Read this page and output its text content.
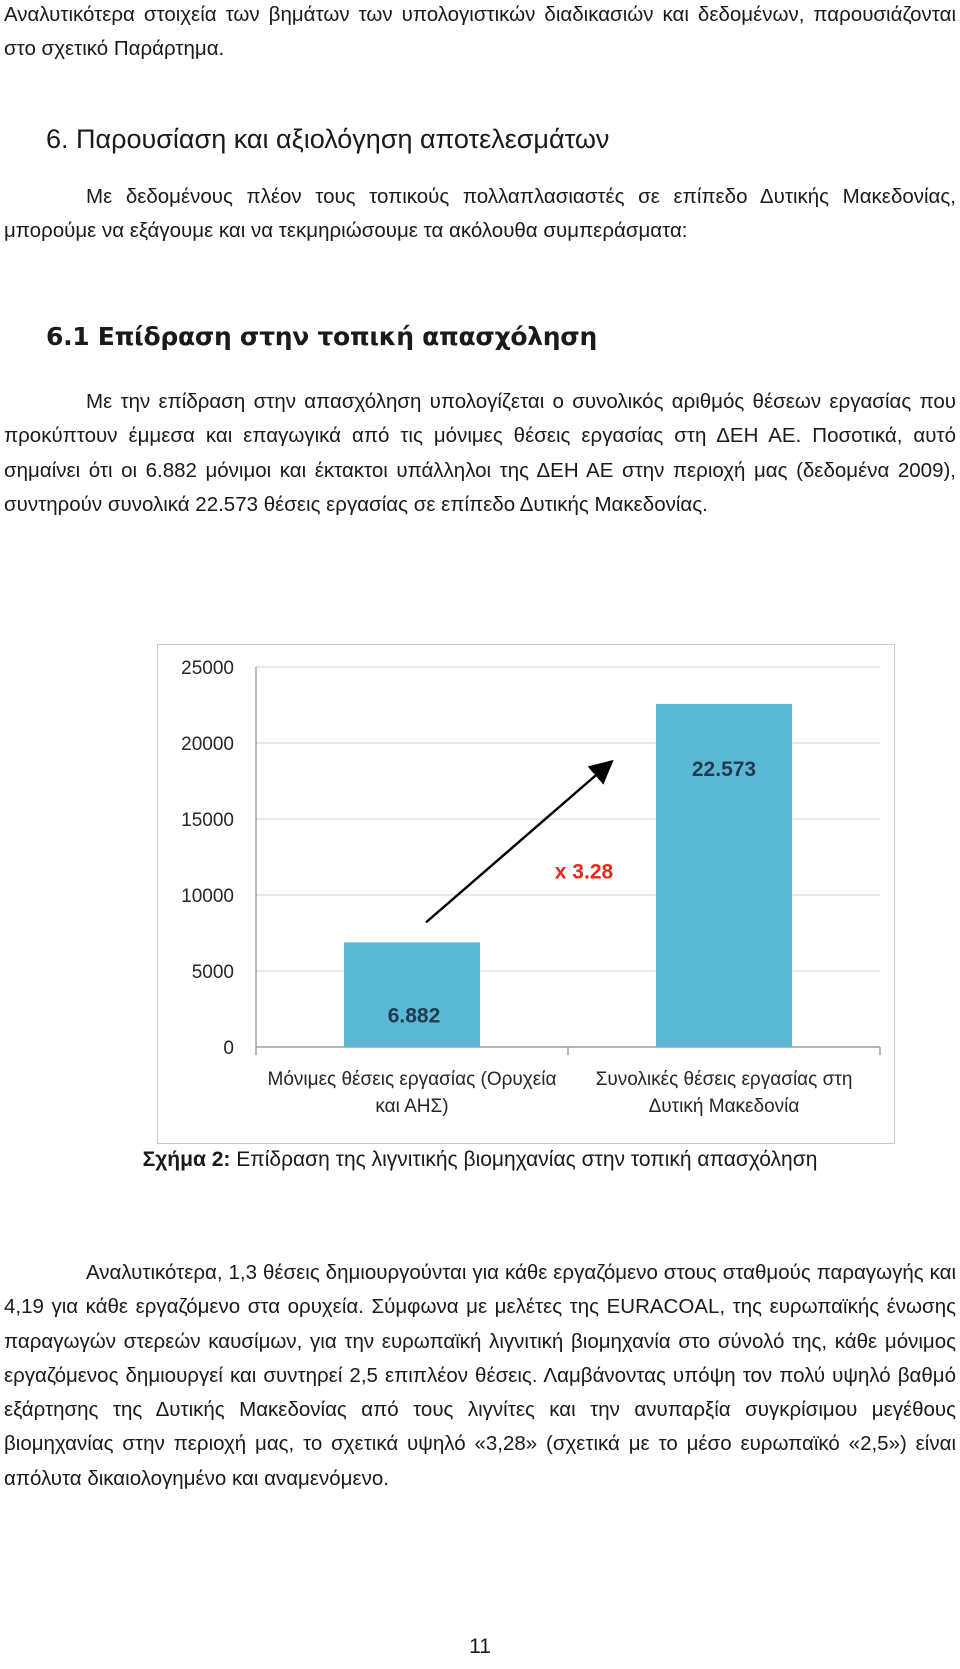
Αναλυτικότερα στοιχεία των βημάτων των υπολογιστικών διαδικασιών και δεδομένων, παρουσιάζονται στο σχετικό Παράρτημα.

6. Παρουσίαση και αξιολόγηση αποτελεσμάτων

Με δεδομένους πλέον τους τοπικούς πολλαπλασιαστές σε επίπεδο Δυτικής Μακεδονίας, μπορούμε να εξάγουμε και να τεκμηριώσουμε τα ακόλουθα συμπεράσματα:

6.1 Επίδραση στην τοπική απασχόληση

Με την επίδραση στην απασχόληση υπολογίζεται ο συνολικός αριθμός θέσεων εργασίας που προκύπτουν έμμεσα και επαγωγικά από τις μόνιμες θέσεις εργασίας στη ΔΕΗ ΑΕ. Ποσοτικά, αυτό σημαίνει ότι οι 6.882 μόνιμοι και έκτακτοι υπάλληλοι της ΔΕΗ ΑΕ στην περιοχή μας (δεδομένα 2009), συντηρούν συνολικά 22.573 θέσεις εργασίας σε επίπεδο Δυτικής Μακεδονίας.

0
5000
10000
15000
20000
25000
6.882
22.573
Μόνιμες θέσεις εργασίας (Ορυχεία
και ΑΗΣ)
Συνολικές θέσεις εργασίας στη
Δυτική Μακεδονία
x 3.28

Σχήμα 2: Επίδραση της λιγνιτικής βιομηχανίας στην τοπική απασχόληση

Αναλυτικότερα, 1,3 θέσεις δημιουργούνται για κάθε εργαζόμενο στους σταθμούς παραγωγής και 4,19 για κάθε εργαζόμενο στα ορυχεία. Σύμφωνα με μελέτες της EURACOAL, της ευρωπαϊκής ένωσης παραγωγών στερεών καυσίμων, για την ευρωπαϊκή λιγνιτική βιομηχανία στο σύνολό της, κάθε μόνιμος εργαζόμενος δημιουργεί και συντηρεί 2,5 επιπλέον θέσεις. Λαμβάνοντας υπόψη τον πολύ υψηλό βαθμό εξάρτησης της Δυτικής Μακεδονίας από τους λιγνίτες και την ανυπαρξία συγκρίσιμου μεγέθους βιομηχανίας στην περιοχή μας, το σχετικά υψηλό «3,28» (σχετικά με το μέσο ευρωπαϊκό «2,5») είναι απόλυτα δικαιολογημένο και αναμενόμενο.

11
